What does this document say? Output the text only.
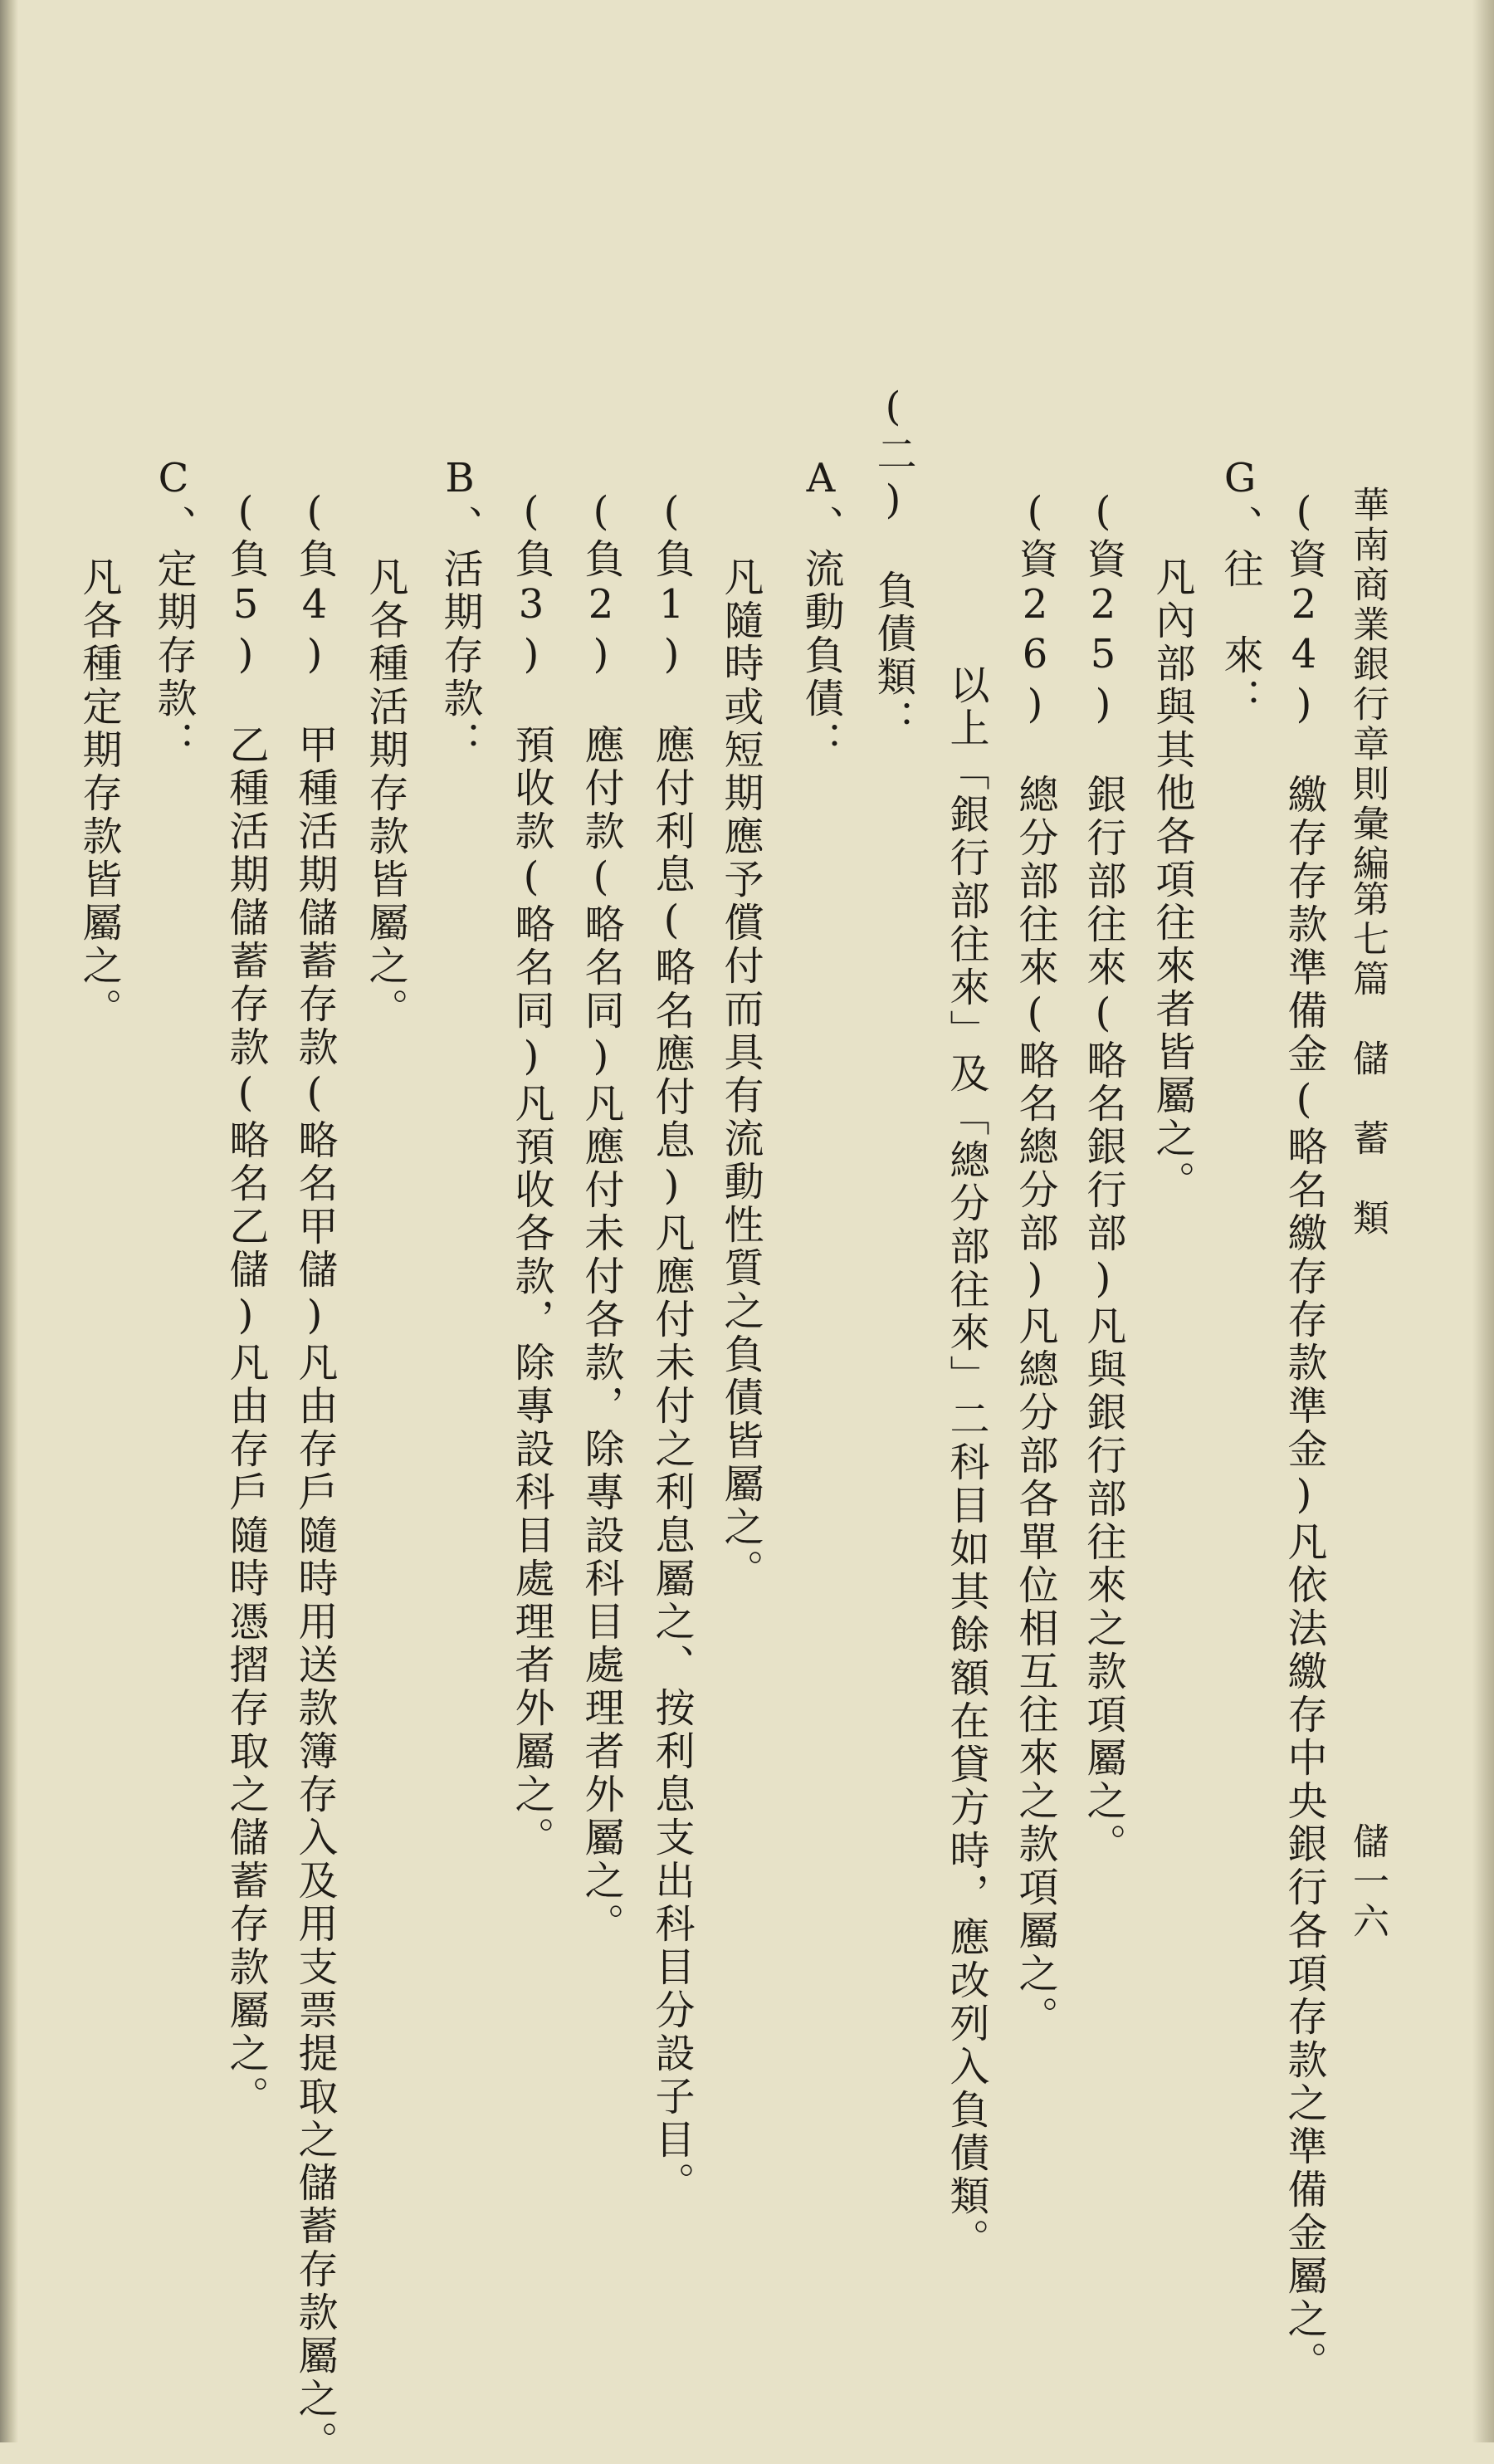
華南商業銀行章則彙編
第七篇　儲　蓄　類
儲一六
(資24)　繳存存款準備金(略名繳存存款準金)凡依法繳存中央銀行各項存款之準備金屬之。
G、往　來：
凡內部與其他各項往來者皆屬之。
(資25)　銀行部往來(略名銀行部)凡與銀行部往來之款項屬之。
(資26)　總分部往來(略名總分部)凡總分部各單位相互往來之款項屬之。
以上「銀行部往來」及「總分部往來」二科目如其餘額在貸方時，應改列入負債類。
(二)　負債類：
A、流動負債：
凡隨時或短期應予償付而具有流動性質之負債皆屬之。
(負1)　應付利息(略名應付息)凡應付未付之利息屬之、按利息支出科目分設子目。
(負2)　應付款(略名同)凡應付未付各款，除專設科目處理者外屬之。
(負3)　預收款(略名同)凡預收各款，除專設科目處理者外屬之。
B、活期存款：
凡各種活期存款皆屬之。
(負4)　甲種活期儲蓄存款(略名甲儲)凡由存戶隨時用送款簿存入及用支票提取之儲蓄存款屬之。
(負5)　乙種活期儲蓄存款(略名乙儲)凡由存戶隨時憑摺存取之儲蓄存款屬之。
C、定期存款：
凡各種定期存款皆屬之。
